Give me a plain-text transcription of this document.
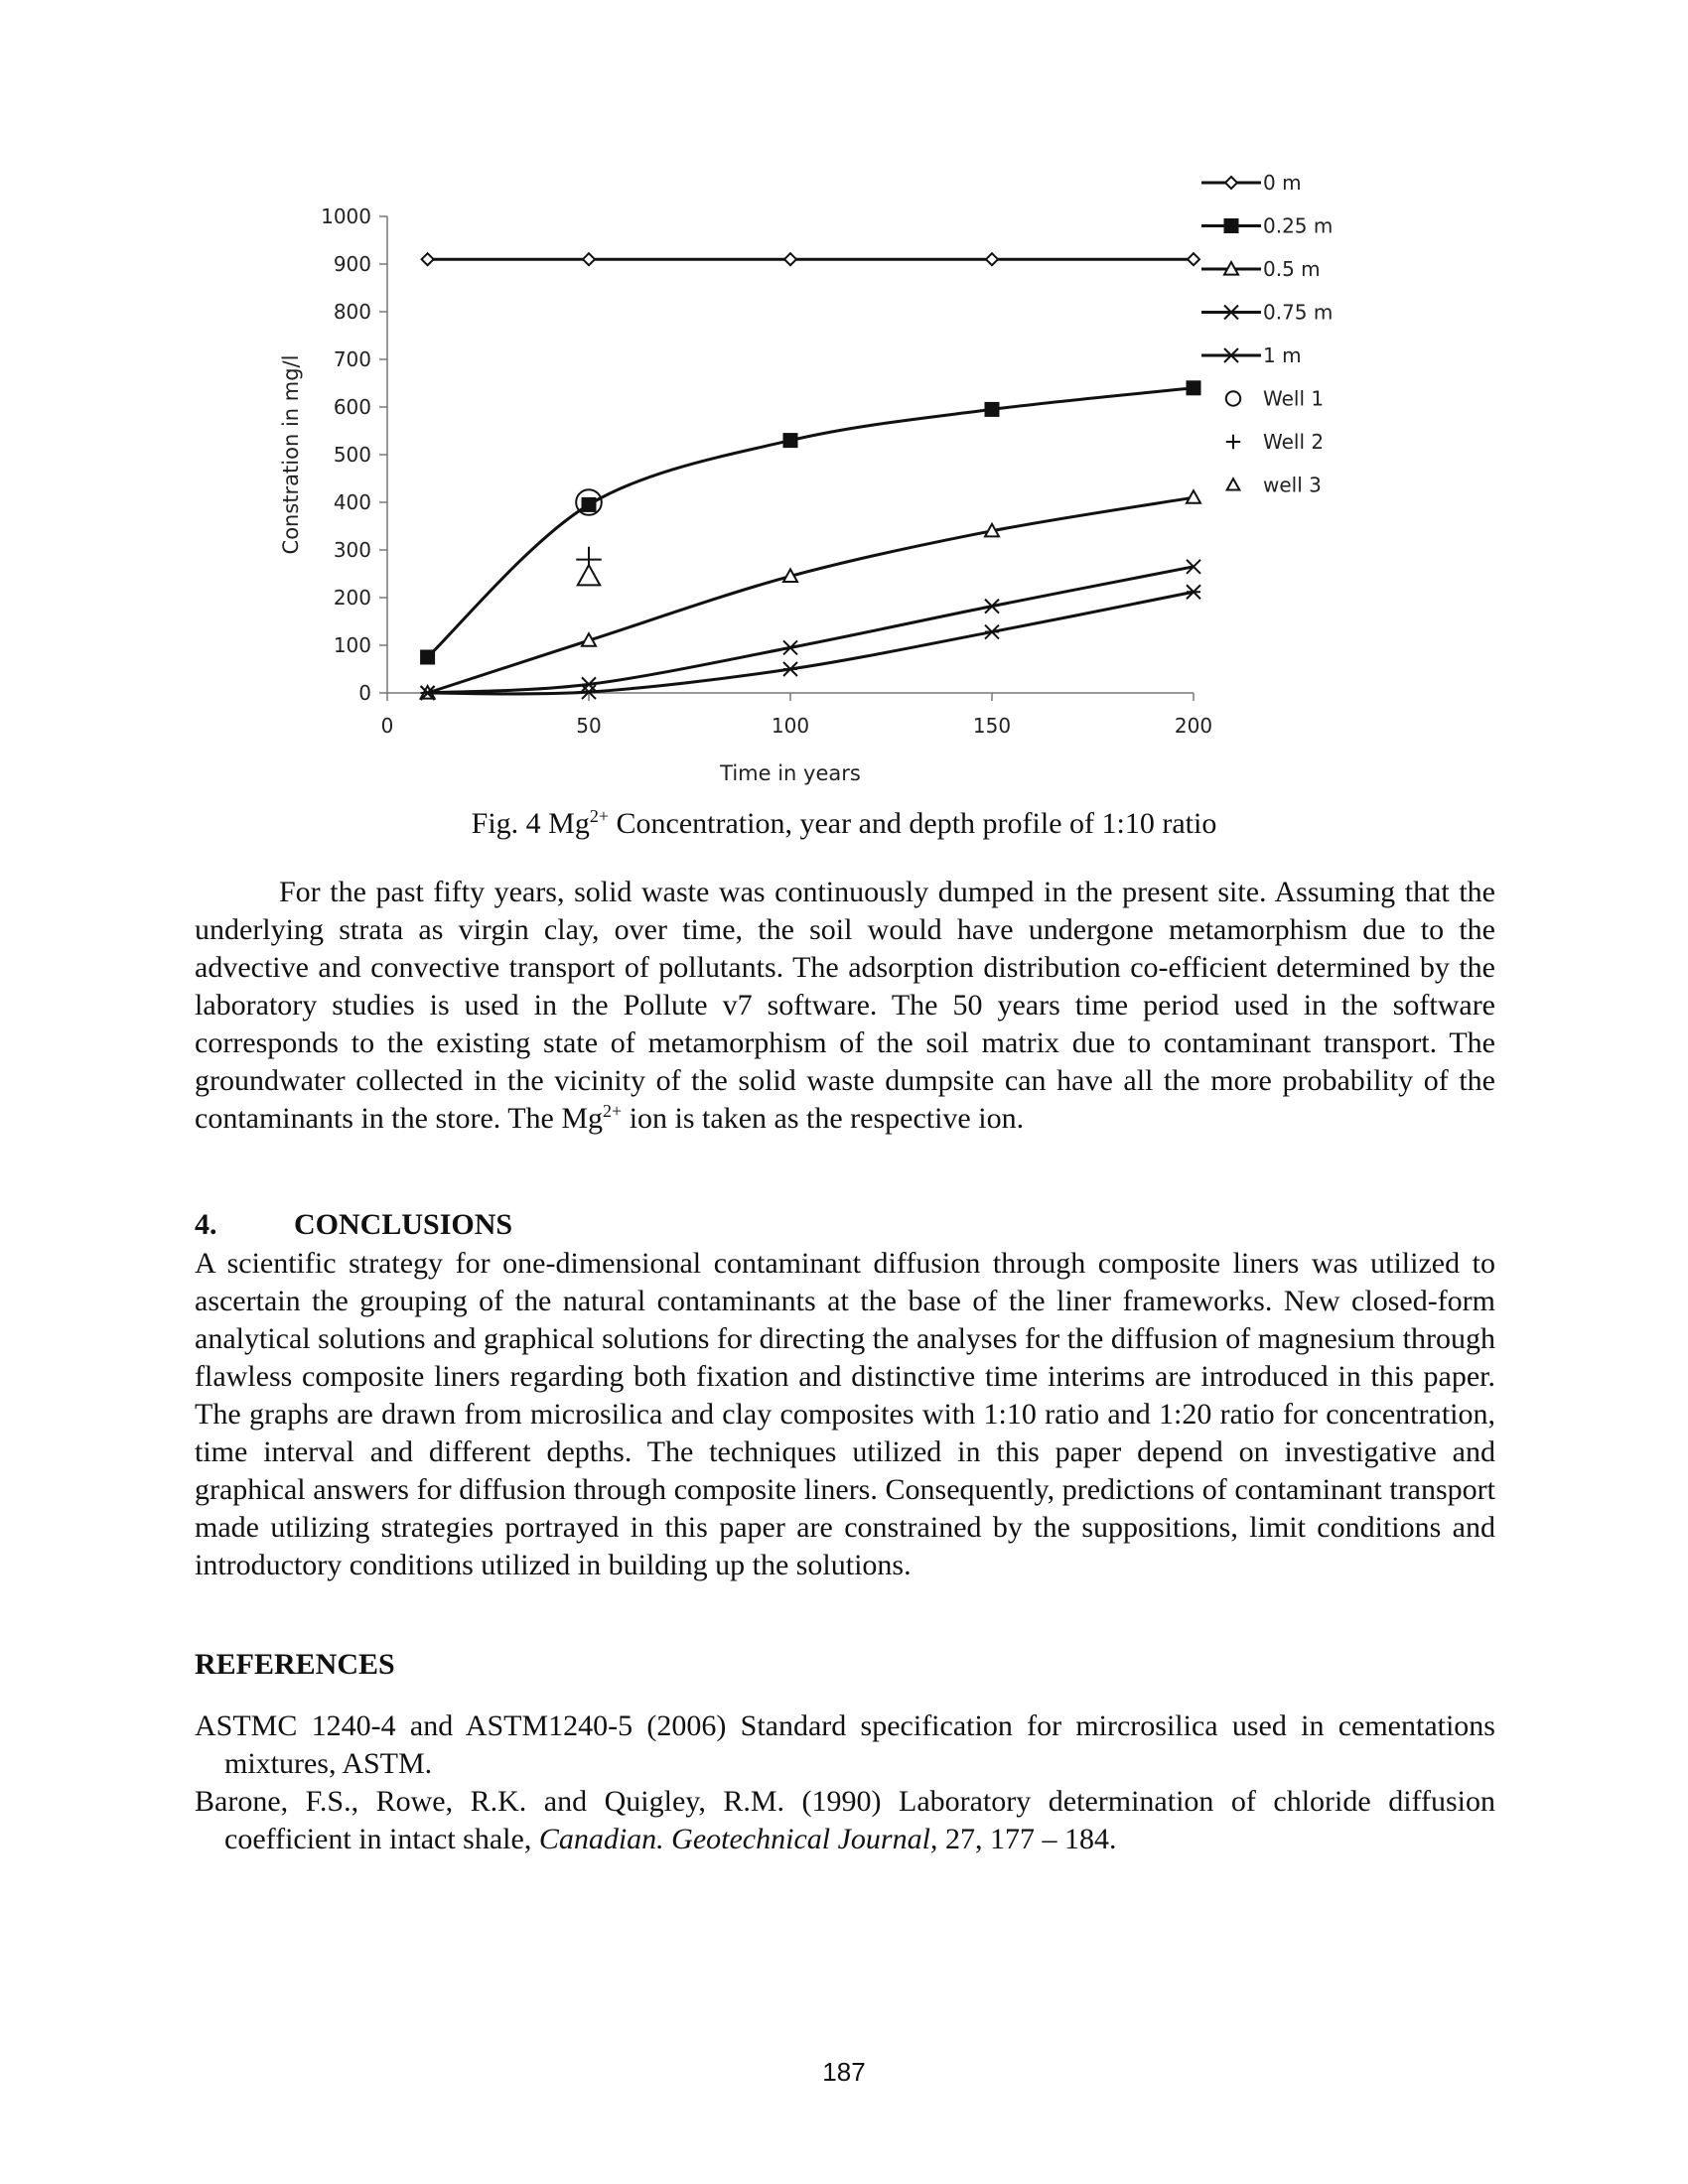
0
100
200
300
400
500
600
700
800
900
1000
0	50	100	150	200
Time in years
Constration in mg/l
0 m
0.25 m
0.5 m
0.75 m
1 m
Well 1
Well 2
well 3
Fig. 4 $Mg^{2+}$ Concentration, year and depth profile of 1:10 ratio

For the past fifty years, solid waste was continuously dumped in the present site. Assuming that the underlying strata as virgin clay, over time, the soil would have undergone metamorphism due to the advective and convective transport of pollutants. The adsorption distribution co-efficient determined by the laboratory studies is used in the Pollute v7 software. The 50 years time period used in the software corresponds to the existing state of metamorphism of the soil matrix due to contaminant transport. The groundwater collected in the vicinity of the solid waste dumpsite can have all the more probability of the contaminants in the store. The $Mg^{2+}$ ion is taken as the respective ion.

4.	CONCLUSIONS

A scientific strategy for one-dimensional contaminant diffusion through composite liners was utilized to ascertain the grouping of the natural contaminants at the base of the liner frameworks. New closed-form analytical solutions and graphical solutions for directing the analyses for the diffusion of magnesium through flawless composite liners regarding both fixation and distinctive time interims are introduced in this paper. The graphs are drawn from microsilica and clay composites with 1:10 ratio and 1:20 ratio for concentration, time interval and different depths. The techniques utilized in this paper depend on investigative and graphical answers for diffusion through composite liners. Consequently, predictions of contaminant transport made utilizing strategies portrayed in this paper are constrained by the suppositions, limit conditions and introductory conditions utilized in building up the solutions.

REFERENCES

ASTMC 1240-4 and ASTM1240-5 (2006) Standard specification for mircrosilica used in cementations mixtures, ASTM.

Barone, F.S., Rowe, R.K. and Quigley, R.M. (1990) Laboratory determination of chloride diffusion coefficient in intact shale, Canadian. Geotechnical Journal, 27, 177 – 184.

187
